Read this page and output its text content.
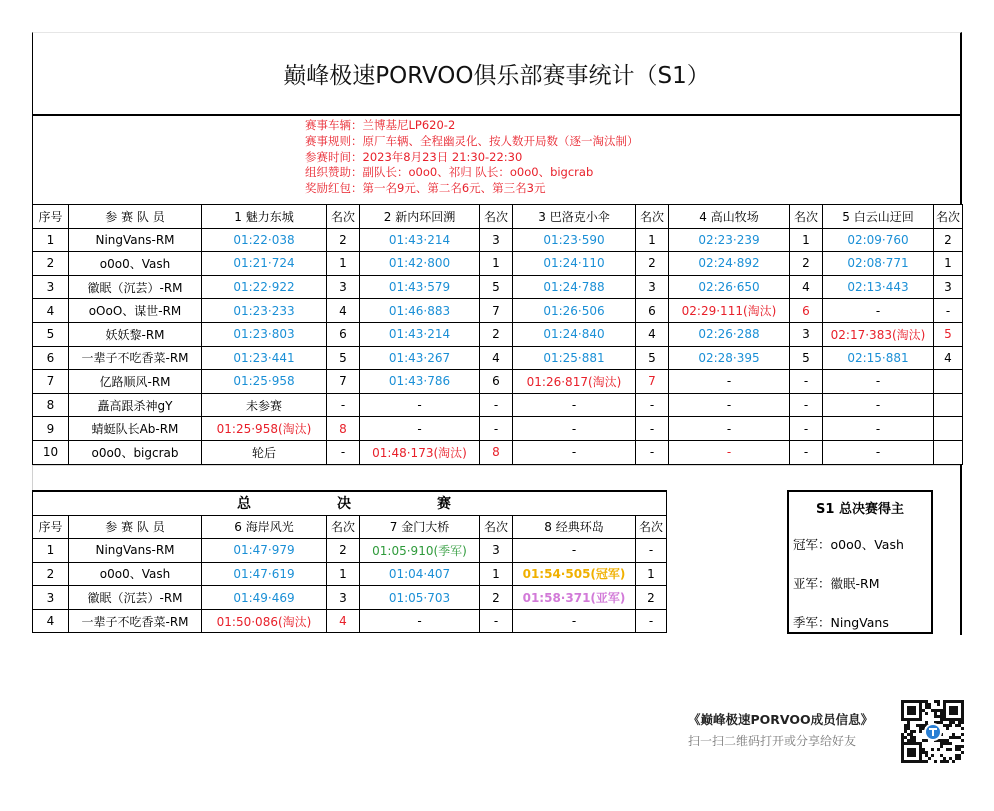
巅峰极速PORVOO俱乐部赛事统计（S1）
赛事车辆：兰博基尼LP620-2
赛事规则：原厂车辆、全程幽灵化、按人数开局数（逐一淘汰制）
参赛时间：2023年8月23日 21:30-22:30
组织赞助：副队长：o0o0、祁归 队长：o0o0、bigcrab
奖励红包：第一名9元、第二名6元、第三名3元
序号	参 赛 队 员	1 魅力东城	名次	2 新内环回溯	名次	3 巴洛克小伞	名次	4 高山牧场	名次	5 白云山迂回	名次
1	NingVans-RM	01:22·038	2	01:43·214	3	01:23·590	1	02:23·239	1	02:09·760	2
2	o0o0、Vash	01:21·724	1	01:42·800	1	01:24·110	2	02:24·892	2	02:08·771	1
3	徽眠（沉芸）-RM	01:22·922	3	01:43·579	5	01:24·788	3	02:26·650	4	02:13·443	3
4	oOoO、谋世-RM	01:23·233	4	01:46·883	7	01:26·506	6	02:29·111(淘汰)	6	-	-
5	妖妖黎-RM	01:23·803	6	01:43·214	2	01:24·840	4	02:26·288	3	02:17·383(淘汰)	5
6	一辈子不吃香菜-RM	01:23·441	5	01:43·267	4	01:25·881	5	02:28·395	5	02:15·881	4
7	亿路顺风-RM	01:25·958	7	01:43·786	6	01:26·817(淘汰)	7	-	-	-	
8	矗高跟杀神gY	未参赛	-	-	-	-	-	-	-	-	
9	蜻蜓队长Ab-RM	01:25·958(淘汰)	8	-	-	-	-	-	-	-	
10	o0o0、bigcrab	轮后	-	01:48·173(淘汰)	8	-	-	-	-	-	
总 决 赛							
序号	参 赛 队 员	6 海岸风光	名次	7 金门大桥	名次	8 经典环岛	名次
1	NingVans-RM	01:47·979	2	01:05·910(季军)	3	-	-
2	o0o0、Vash	01:47·619	1	01:04·407	1	01:54·505(冠军)	1
3	徽眠（沉芸）-RM	01:49·469	3	01:05·703	2	01:58·371(亚军)	2
4	一辈子不吃香菜-RM	01:50·086(淘汰)	4	-	-	-	-
S1 总决赛得主
冠军：o0o0、Vash
亚军：徽眠-RM
季军：NingVans
《巅峰极速PORVOO成员信息》
扫一扫二维码打开或分享给好友
